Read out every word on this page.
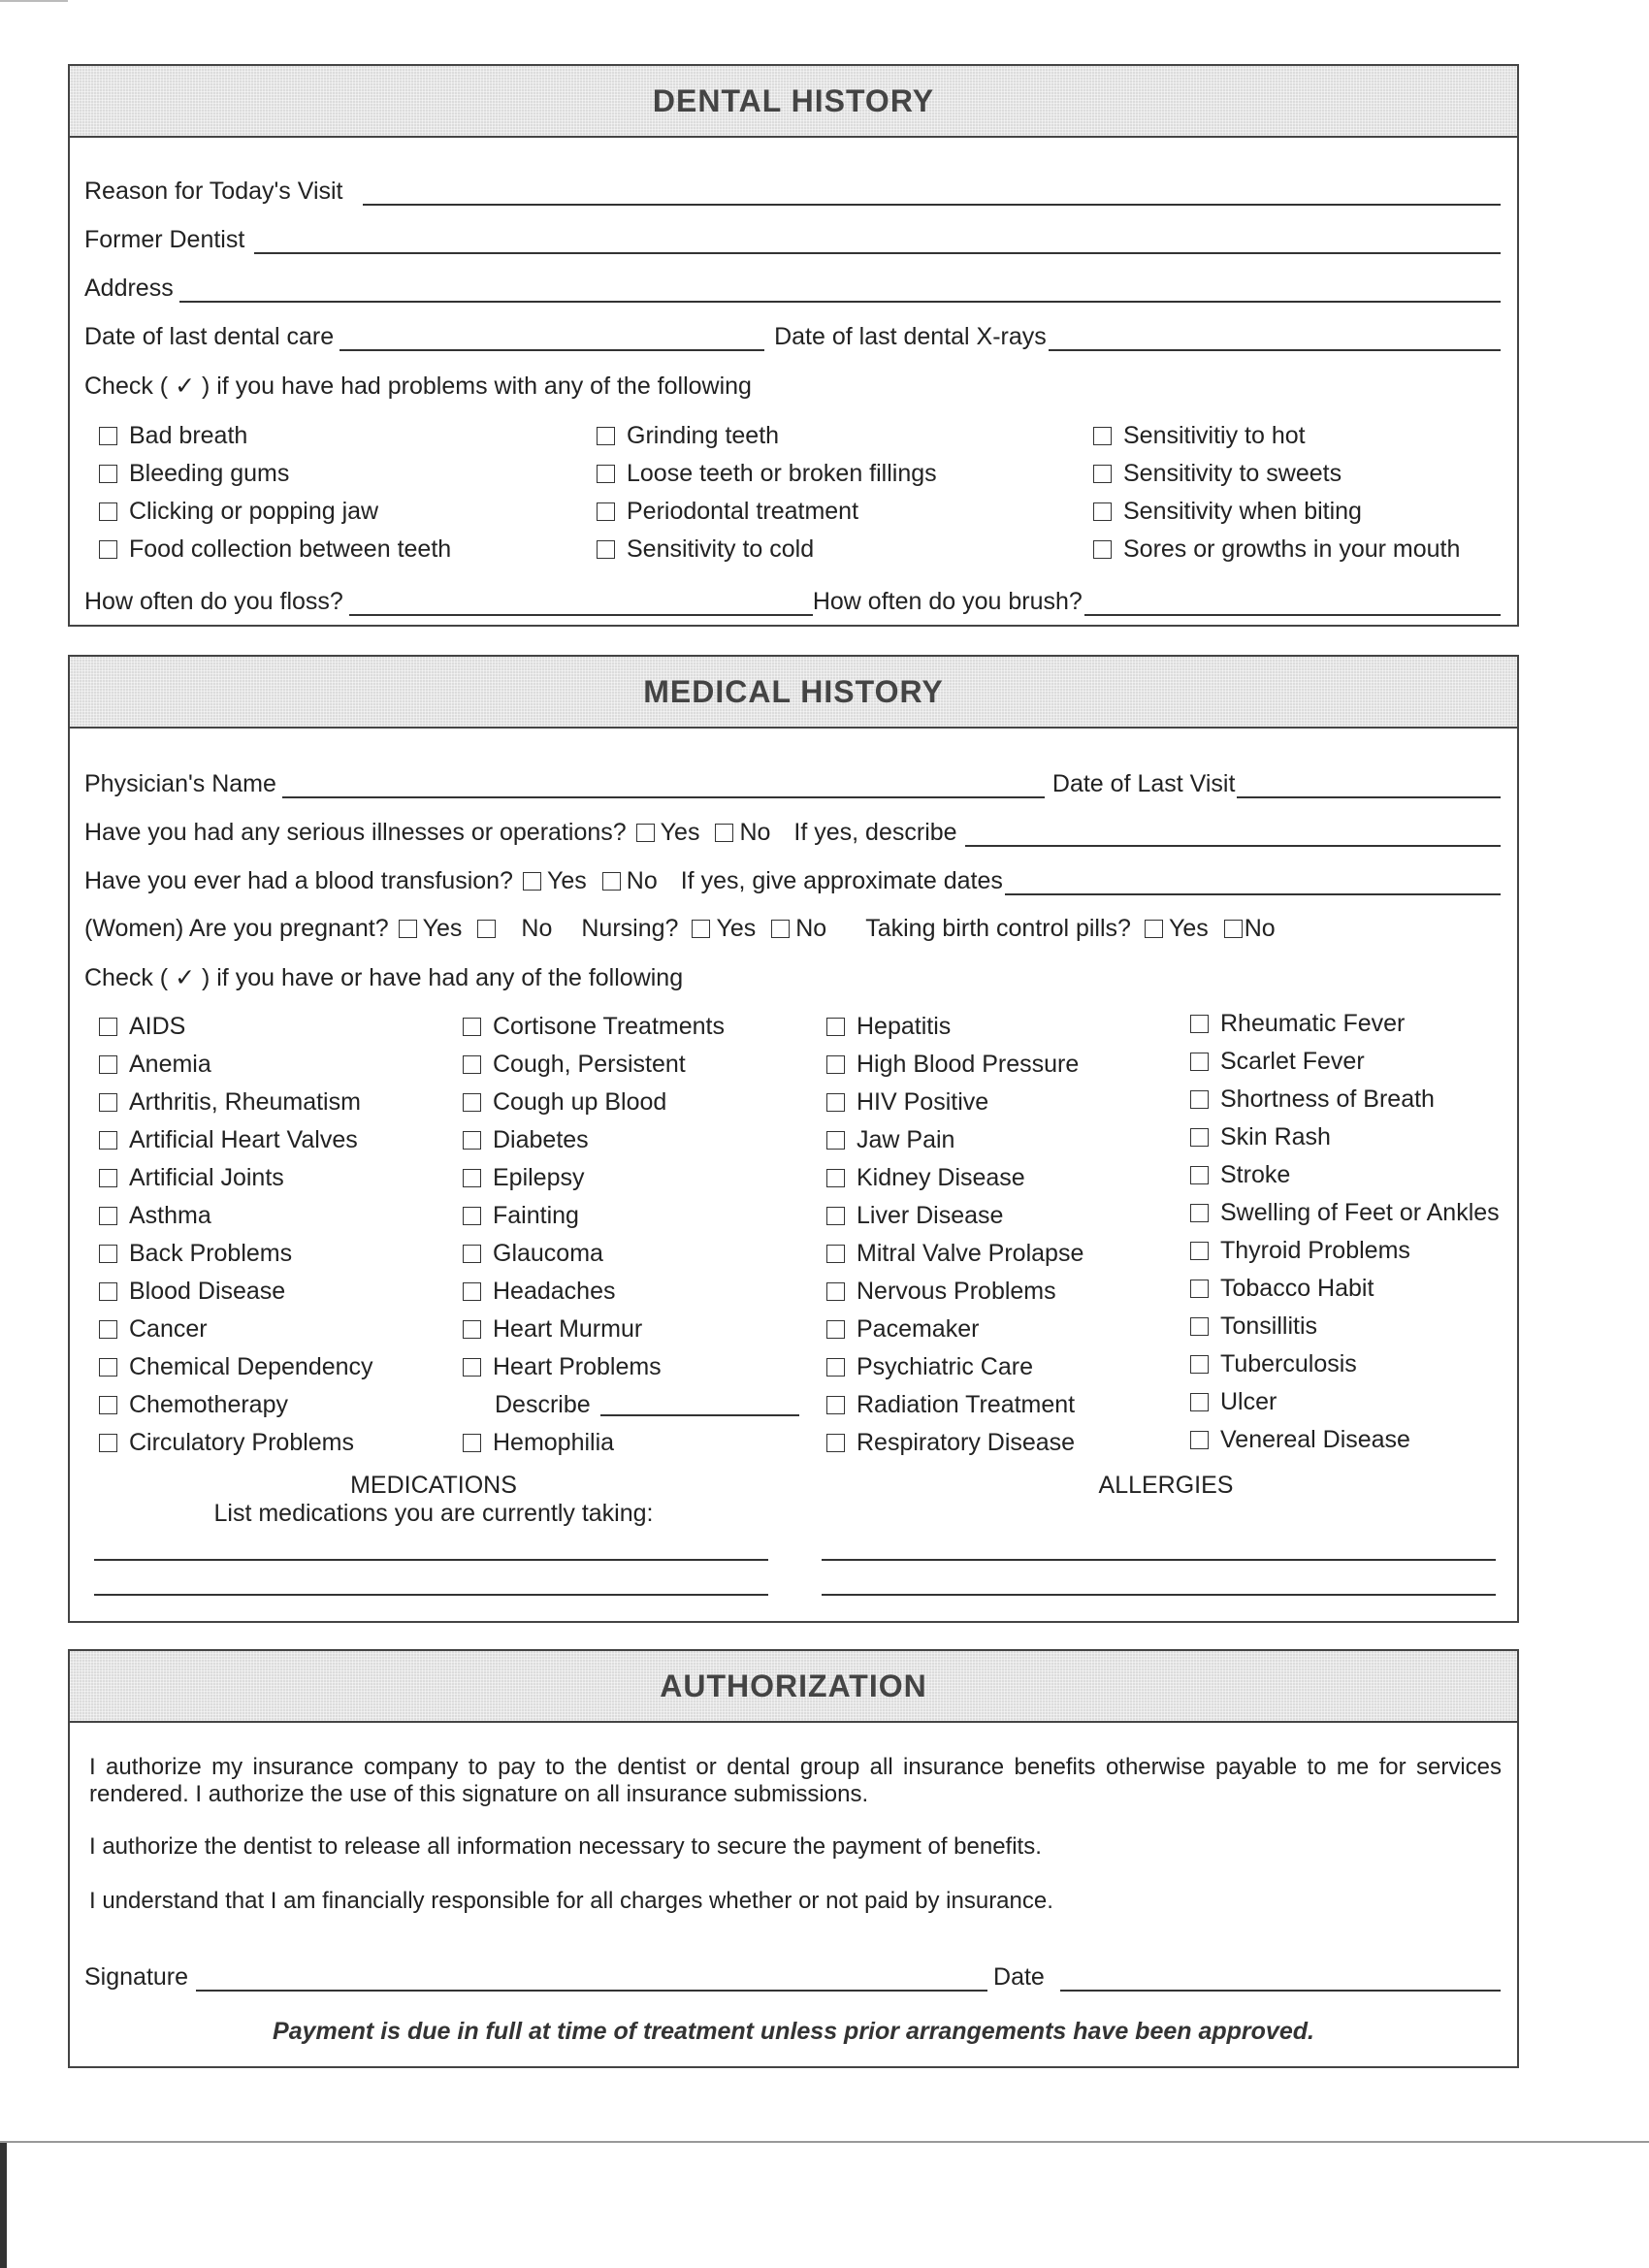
DENTAL HISTORY
Reason for Today's Visit
Former Dentist
Address
Date of last dental care	Date of last dental X-rays
Check ( ✓ ) if you have had problems with any of the following
Bad breath
Bleeding gums
Clicking or popping jaw
Food collection between teeth
Grinding teeth
Loose teeth or broken fillings
Periodontal treatment
Sensitivity to cold
Sensitivitiy to hot
Sensitivity to sweets
Sensitivity when biting
Sores or growths in your mouth
How often do you floss?	How often do you brush?
MEDICAL HISTORY
Physician's Name	Date of Last Visit
Have you had any serious illnesses or operations? Yes No If yes, describe
Have you ever had a blood transfusion? Yes No If yes, give approximate dates
(Women) Are you pregnant? Yes No Nursing? Yes No Taking birth control pills? Yes No
Check ( ✓ ) if you have or have had any of the following
AIDS
Anemia
Arthritis, Rheumatism
Artificial Heart Valves
Artificial Joints
Asthma
Back Problems
Blood Disease
Cancer
Chemical Dependency
Chemotherapy
Circulatory Problems
Cortisone Treatments
Cough, Persistent
Cough up Blood
Diabetes
Epilepsy
Fainting
Glaucoma
Headaches
Heart Murmur
Heart Problems
Describe
Hemophilia
Hepatitis
High Blood Pressure
HIV Positive
Jaw Pain
Kidney Disease
Liver Disease
Mitral Valve Prolapse
Nervous Problems
Pacemaker
Psychiatric Care
Radiation Treatment
Respiratory Disease
Rheumatic Fever
Scarlet Fever
Shortness of Breath
Skin Rash
Stroke
Swelling of Feet or Ankles
Thyroid Problems
Tobacco Habit
Tonsillitis
Tuberculosis
Ulcer
Venereal Disease
MEDICATIONS
List medications you are currently taking:
ALLERGIES
AUTHORIZATION
I authorize my insurance company to pay to the dentist or dental group all insurance benefits otherwise payable to me for services rendered. I authorize the use of this signature on all insurance submissions.
I authorize the dentist to release all information necessary to secure the payment of benefits.
I understand that I am financially responsible for all charges whether or not paid by insurance.
Signature	Date
Payment is due in full at time of treatment unless prior arrangements have been approved.
